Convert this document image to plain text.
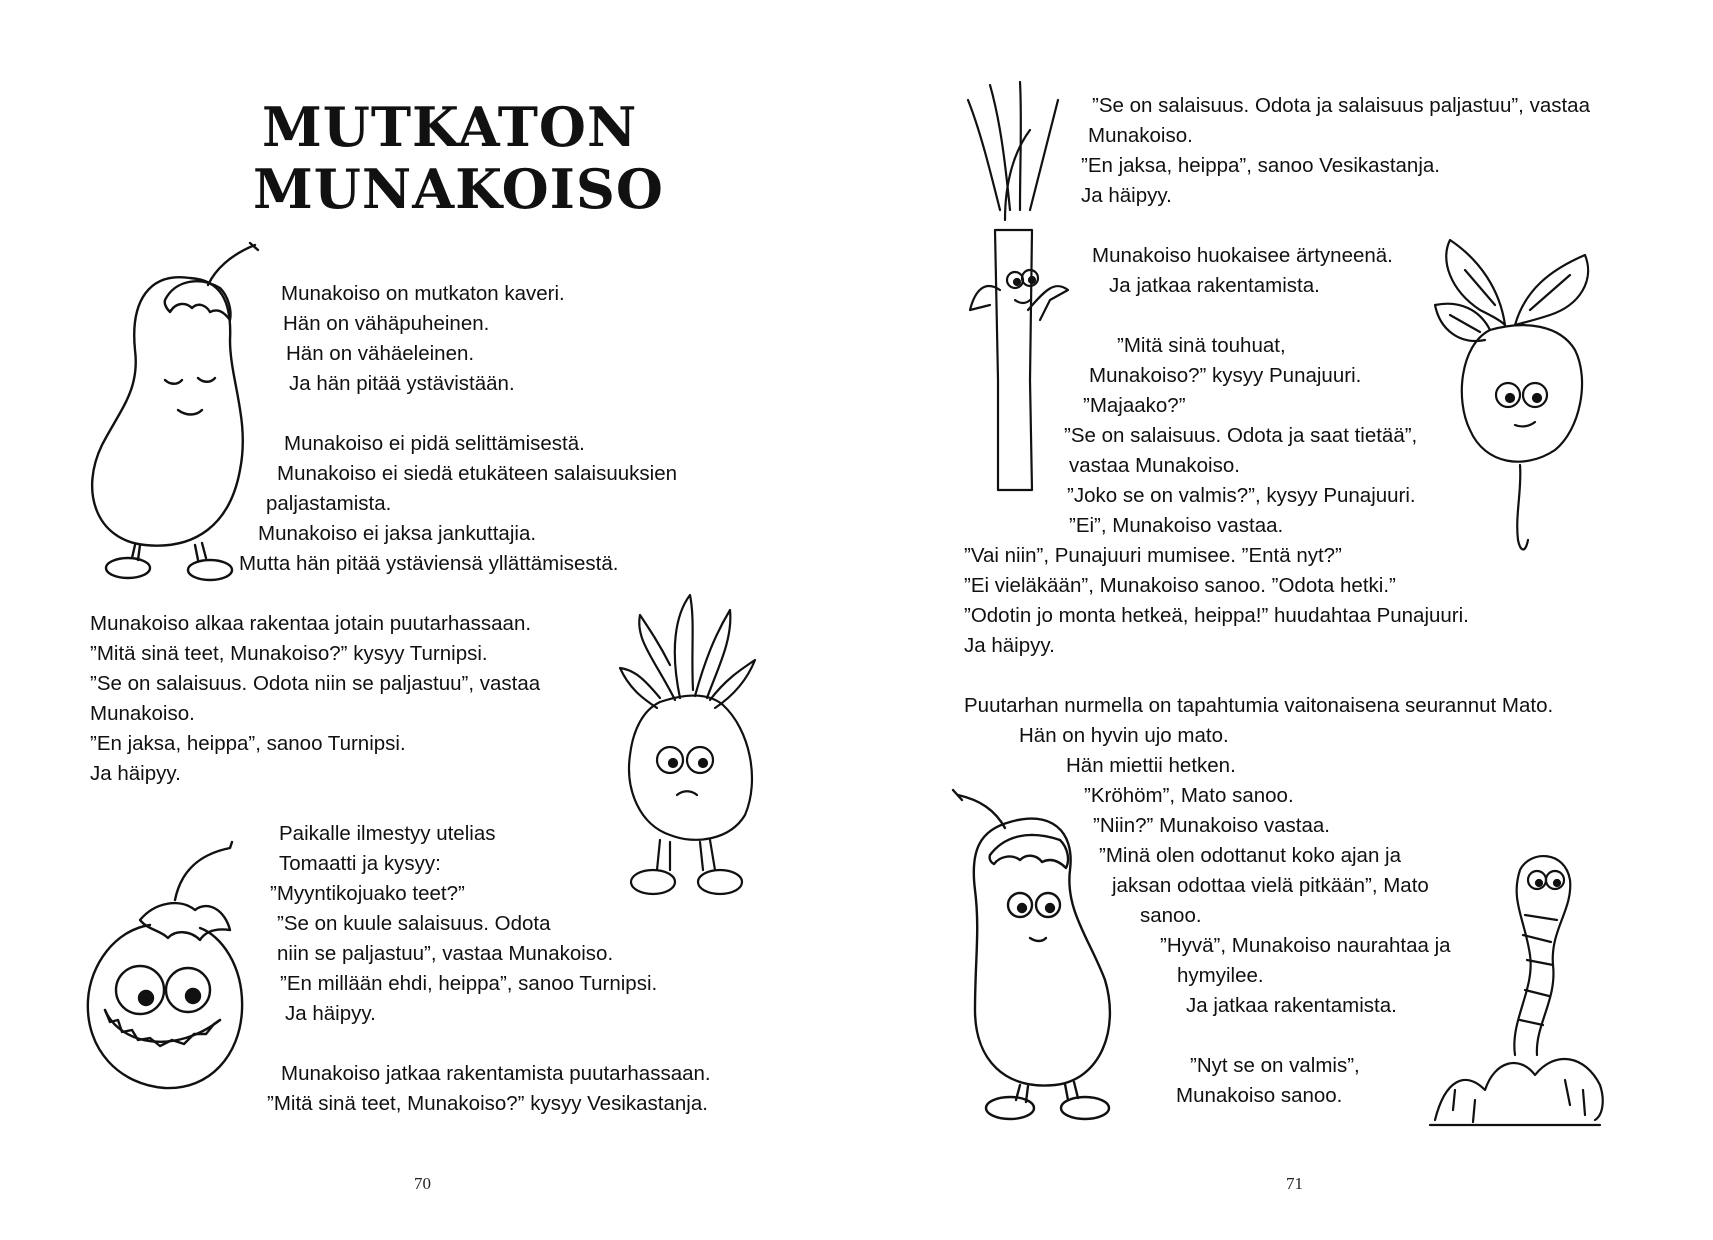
MUTKATON
MUNAKOISO
Munakoiso on mutkaton kaveri.
Hän on vähäpuheinen.
Hän on vähäeleinen.
Ja hän pitää ystävistään.
Munakoiso ei pidä selittämisestä.
Munakoiso ei siedä etukäteen salaisuuksien
paljastamista.
Munakoiso ei jaksa jankuttajia.
Mutta hän pitää ystäviensä yllättämisestä.
Munakoiso alkaa rakentaa jotain puutarhassaan.
”Mitä sinä teet, Munakoiso?” kysyy Turnipsi.
”Se on salaisuus. Odota niin se paljastuu”, vastaa
Munakoiso.
”En jaksa, heippa”, sanoo Turnipsi.
Ja häipyy.
Paikalle ilmestyy utelias
Tomaatti ja kysyy:
”Myyntikojuako teet?”
”Se on kuule salaisuus. Odota
niin se paljastuu”, vastaa Munakoiso.
”En millään ehdi, heippa”, sanoo Turnipsi.
Ja häipyy.
Munakoiso jatkaa rakentamista puutarhassaan.
”Mitä sinä teet, Munakoiso?” kysyy Vesikastanja.
70
”Se on salaisuus. Odota ja salaisuus paljastuu”, vastaa
Munakoiso.
”En jaksa, heippa”, sanoo Vesikastanja.
Ja häipyy.
Munakoiso huokaisee ärtyneenä.
Ja jatkaa rakentamista.
”Mitä sinä touhuat,
Munakoiso?” kysyy Punajuuri.
”Majaako?”
”Se on salaisuus. Odota ja saat tietää”,
vastaa Munakoiso.
”Joko se on valmis?”, kysyy Punajuuri.
”Ei”, Munakoiso vastaa.
”Vai niin”, Punajuuri mumisee. ”Entä nyt?”
”Ei vieläkään”, Munakoiso sanoo. ”Odota hetki.”
”Odotin jo monta hetkeä, heippa!” huudahtaa Punajuuri.
Ja häipyy.
Puutarhan nurmella on tapahtumia vaitonaisena seurannut Mato.
Hän on hyvin ujo mato.
Hän miettii hetken.
”Kröhöm”, Mato sanoo.
”Niin?” Munakoiso vastaa.
”Minä olen odottanut koko ajan ja
jaksan odottaa vielä pitkään”, Mato
sanoo.
”Hyvä”, Munakoiso naurahtaa ja
hymyilee.
Ja jatkaa rakentamista.
”Nyt se on valmis”,
Munakoiso sanoo.
71
